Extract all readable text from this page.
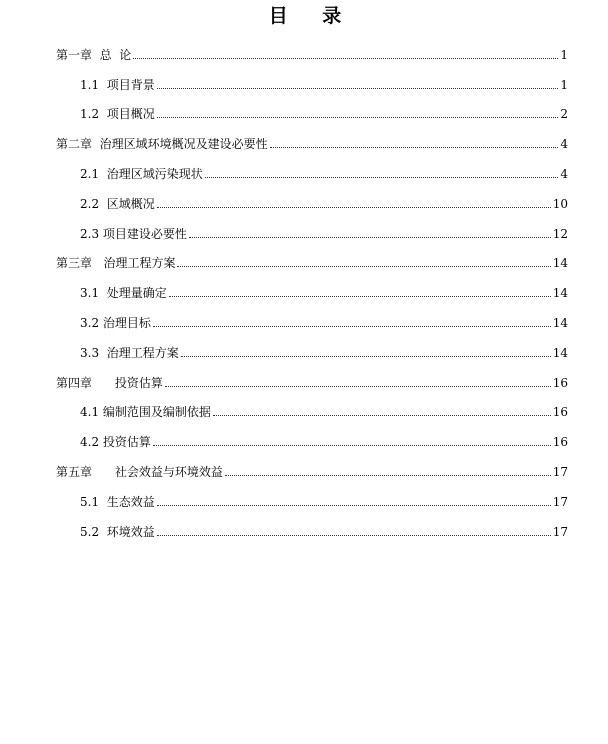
目 录
第一章 总  论	1
1.1 项目背景	1
1.2 项目概况	2
第二章 治理区域环境概况及建设必要性	4
2.1 治理区域污染现状	4
2.2 区域概况	10
2.3 项目建设必要性	12
第三章 治理工程方案	14
3.1 处理量确定	14
3.2 治理目标	14
3.3 治理工程方案	14
第四章 投资估算	16
4.1 编制范围及编制依据	16
4.2 投资估算	16
第五章 社会效益与环境效益	17
5.1 生态效益	17
5.2 环境效益	17
